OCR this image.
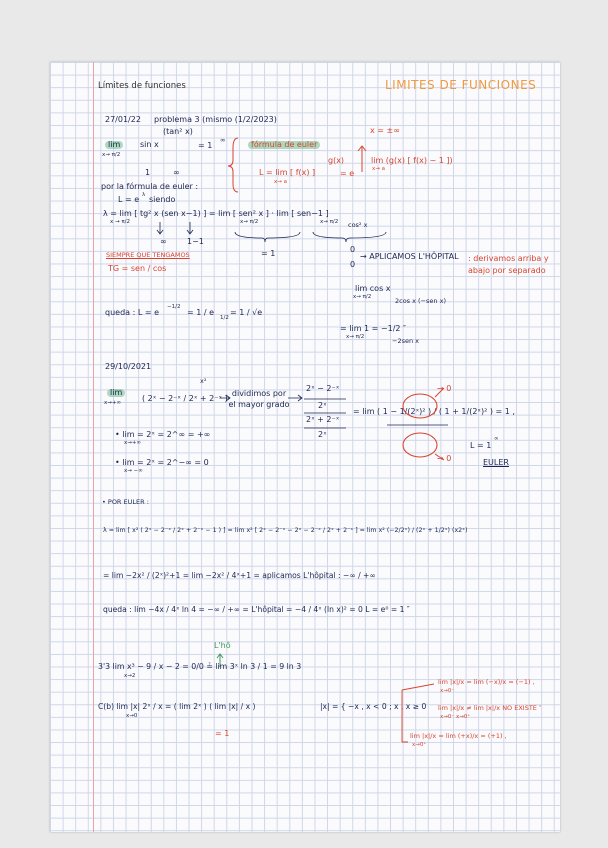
Límites de funciones	LIMITES DE FUNCIONES
27/01/22 problema 3 (mismo (1/2/2023)
(tan² x)
lim
x→ π/2
sin x	= 1
∞
1	∞
fórmula de euler
x = ±∞
L = lim [ f(x) ]
x→ a
g(x)
= e
lim (g(x) [ f(x) − 1 ])
x→ a
por la fórmula de euler :
L = e λ siendo
λ = lim [ tg² x (sen x−1) ] = lim [ sen² x ] · lim [ sen−1 ]
x → π/2	x→ π/2	x→ π/2 cos² x
∞	1−1
= 1	0
0
→ APLICAMOS L'HÔPITAL : derivamos arriba y abajo por separado
SIEMPRE QUE TENGAMOS
TG = sen / cos
lim cos x
x→ π/2	2cos x (−sen x)
queda : L = e
−1/2
= 1 / e
1/2
= 1 / √e
= lim 1 = −1/2 ″
x→ π/2	−2sen x
29/10/2021
lim
x→+∞	( 2ˣ − 2⁻ˣ / 2ˣ + 2⁻ˣ )
x²
dividimos por el mayor grado
2ˣ − 2⁻ˣ
2ˣ
2ˣ + 2⁻ˣ
2ˣ
= lim ( 1 − 1/(2ˣ)² ) / ( 1 + 1/(2ˣ)² ) = 1 ,
→ 0
→ 0
• lim = 2ˣ = 2^∞ = +∞
x→+∞
• lim = 2ˣ = 2^−∞ = 0
x→ −∞
L = 1
∞
EULER
• POR EULER :
λ = lim [ x² ( 2ˣ − 2⁻ˣ / 2ˣ + 2⁻ˣ − 1 ) ] = lim x² [ 2ˣ − 2⁻ˣ − 2ˣ − 2⁻ˣ / 2ˣ + 2⁻ˣ ] = lim x² (−2/2ˣ) / (2ˣ + 1/2ˣ) (x2ˣ)
= lim −2x² / (2ˣ)²+1 = lim −2x² / 4ˣ+1 = aplicamos L'hôpital : −∞ / +∞
queda : lim −4x / 4ˣ ln 4 = −∞ / +∞ = L'hôpital = −4 / 4ˣ (ln x)² = 0 L = e⁰ = 1 ″
L'hô
3'3 lim x³ − 9 / x − 2 = 0/0 ≟ lim 3ˣ ln 3 / 1 = 9 ln 3
x→2
C(b) lim |x| 2ˣ / x = ( lim 2ˣ ) ( lim |x| / x )
x→0
= 1
|x| = { −x , x < 0 ; x , x ≥ 0
lim |x|/x = lim (−x)/x = (−1) ,
x→0⁻
lim |x|/x ≠ lim |x|/x NO EXISTE ″
x→0⁻ x→0⁺
lim |x|/x = lim (+x)/x = (+1) ,
x→0⁺
